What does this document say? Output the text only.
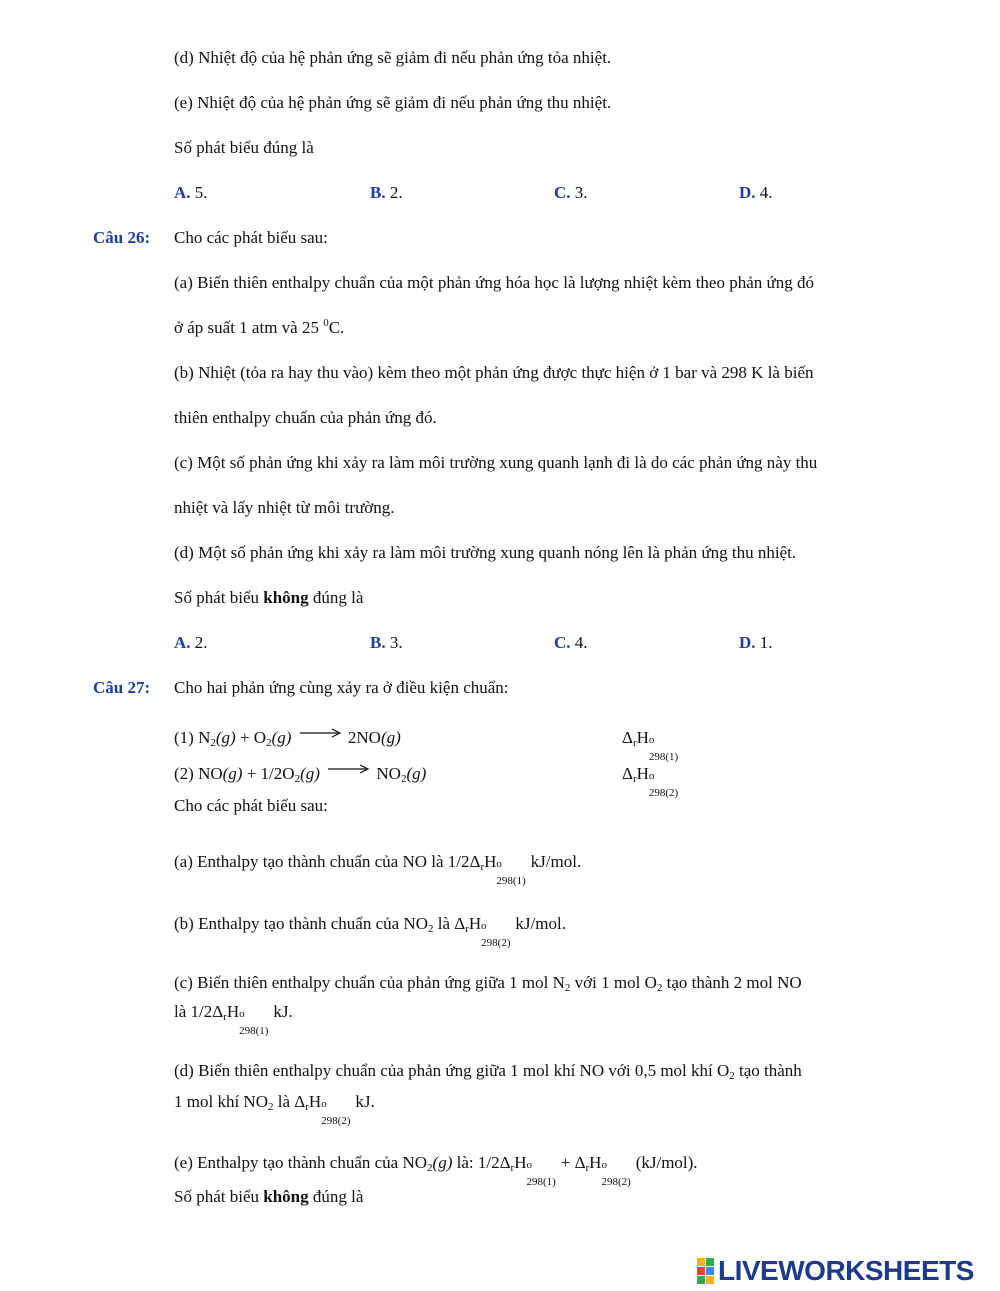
(d) Nhiệt độ của hệ phản ứng sẽ giảm đi nếu phản ứng tỏa nhiệt.
(e) Nhiệt độ của hệ phản ứng sẽ giảm đi nếu phản ứng thu nhiệt.
Số phát biểu đúng là
A. 5.	B. 2.	C. 3.	D. 4.
Câu 26: Cho các phát biểu sau:
(a) Biến thiên enthalpy chuẩn của một phản ứng hóa học là lượng nhiệt kèm theo phản ứng đó
ở áp suất 1 atm và 25 $^0$C.
(b) Nhiệt (tỏa ra hay thu vào) kèm theo một phản ứng được thực hiện ở 1 bar và 298 K là biến
thiên enthalpy chuẩn của phản ứng đó.
(c) Một số phản ứng khi xảy ra làm môi trường xung quanh lạnh đi là do các phản ứng này thu
nhiệt và lấy nhiệt từ môi trường.
(d) Một số phản ứng khi xảy ra làm môi trường xung quanh nóng lên là phản ứng thu nhiệt.
Số phát biểu không đúng là
A. 2.	B. 3.	C. 4.	D. 1.
Câu 27: Cho hai phản ứng cùng xảy ra ở điều kiện chuẩn:
(1) $N_2(g) + O_2(g) \to 2NO(g)$	$\Delta_rH$ o
298(1)
(2) $NO(g) + 1/2O_2(g) \to NO_2(g)$	$\Delta_rH$ o
298(2)
Cho các phát biểu sau:
(a) Enthalpy tạo thành chuẩn của NO là $1/2\Delta_rH$ o
298(1)
kJ/mol.
(b) Enthalpy tạo thành chuẩn của $NO_2$ là $\Delta_rH$ o
298(2)
kJ/mol.
(c) Biến thiên enthalpy chuẩn của phản ứng giữa 1 mol $N_2$ với 1 mol $O_2$ tạo thành 2 mol NO
là $1/2\Delta_rH$ o
298(1)
kJ.
(d) Biến thiên enthalpy chuẩn của phản ứng giữa 1 mol khí NO với 0,5 mol khí $O_2$ tạo thành
1 mol khí $NO_2$ là $\Delta_rH$ o
298(2)
kJ.
(e) Enthalpy tạo thành chuẩn của $NO_2(g)$ là: $1/2\Delta_rH$ o
298(1)
+ $\Delta_rH$ o
298(2)
(kJ/mol).
Số phát biểu không đúng là
LIVEWORKSHEETS
